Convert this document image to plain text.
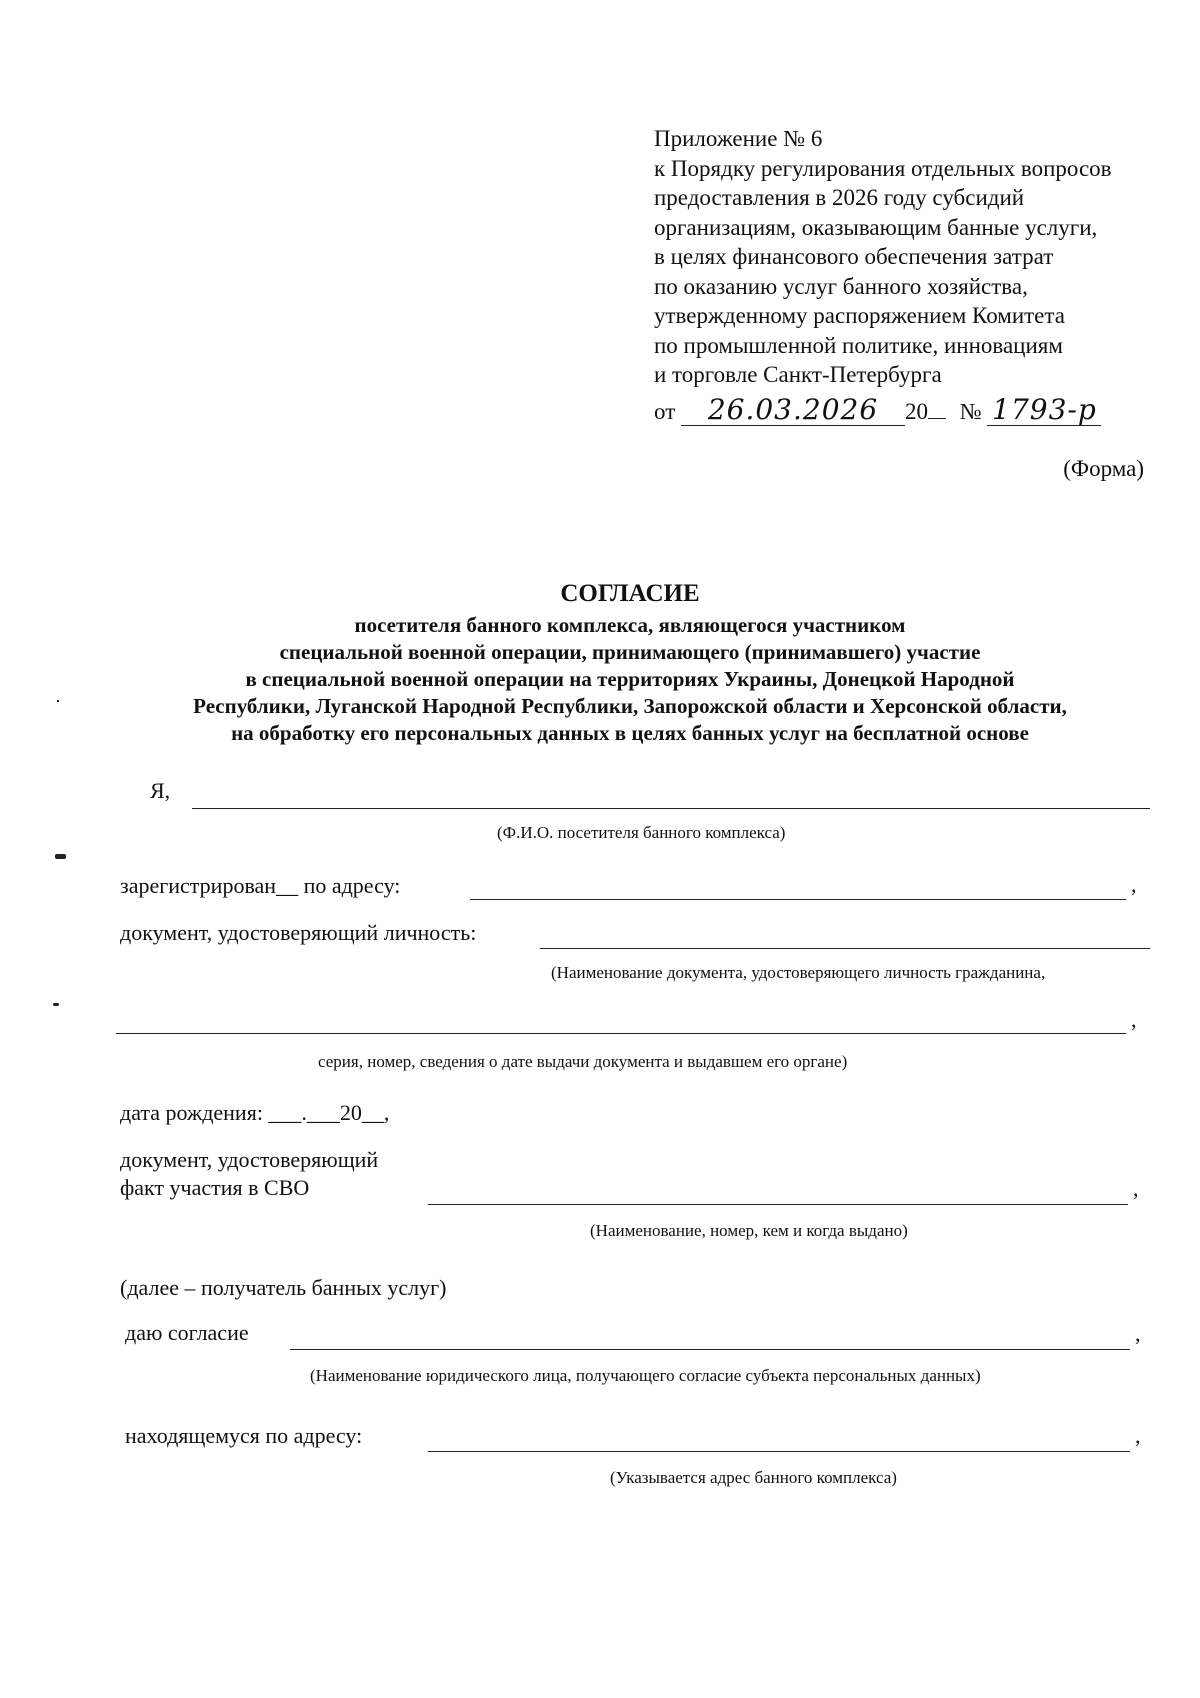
Приложение № 6
к Порядку регулирования отдельных вопросов
предоставления в 2026 году субсидий
организациям, оказывающим банные услуги,
в целях финансового обеспечения затрат
по оказанию услуг банного хозяйства,
утвержденному распоряжением Комитета
по промышленной политике, инновациям
и торговле Санкт-Петербурга
от 26.03.2026 20 № 1793-р
(Форма)
СОГЛАСИЕ
посетителя банного комплекса, являющегося участником
специальной военной операции, принимающего (принимавшего) участие
в специальной военной операции на территориях Украины, Донецкой Народной
Республики, Луганской Народной Республики, Запорожской области и Херсонской области,
на обработку его персональных данных в целях банных услуг на бесплатной основе
Я,
(Ф.И.О. посетителя банного комплекса)
зарегистрирован__ по адресу:	,
документ, удостоверяющий личность:
(Наименование документа, удостоверяющего личность гражданина,
,
серия, номер, сведения о дате выдачи документа и выдавшем его органе)
дата рождения: ___.___20__,
документ, удостоверяющий
факт участия в СВО	,
(Наименование, номер, кем и когда выдано)
(далее – получатель банных услуг)
даю согласие	,
(Наименование юридического лица, получающего согласие субъекта персональных данных)
находящемуся по адресу:	,
(Указывается адрес банного комплекса)
